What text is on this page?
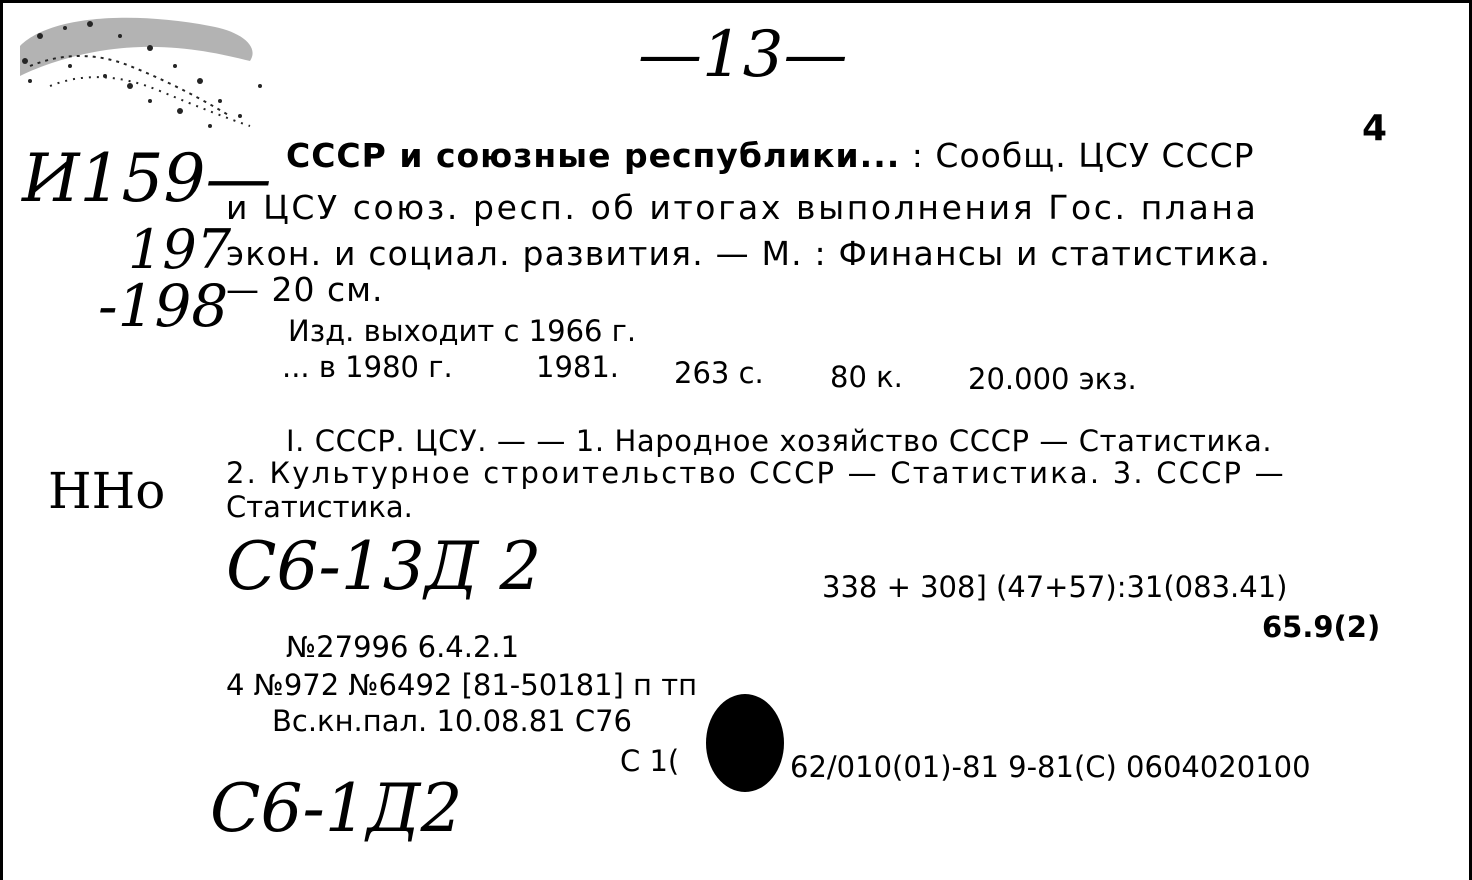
—13—
4
И159—
197
-198
СССР и союзные республики... : Сообщ. ЦСУ СССР
и ЦСУ союз. респ. об итогах выполнения Гос. плана
экон. и социал. развития. — М. : Финансы и статистика.
— 20 см.
Изд. выходит с 1966 г.
... в 1980 г.	1981. 263 с. 80 к. 20.000 экз.
I. СССР. ЦСУ. — — 1. Народное хозяйство СССР — Статистика.
ННо 2. Культурное строительство СССР — Статистика. 3. СССР —
Статистика.
С6-13Д 2	338 + 308] (47+57):31(083.41)
65.9(2)
№27996 6.4.2.1
4 №972 №6492 [81-50181] п тп
Вс.кн.пал. 10.08.81 С76
С 1(	62/010(01)-81 9-81(С) 0604020100
С6-1Д2
